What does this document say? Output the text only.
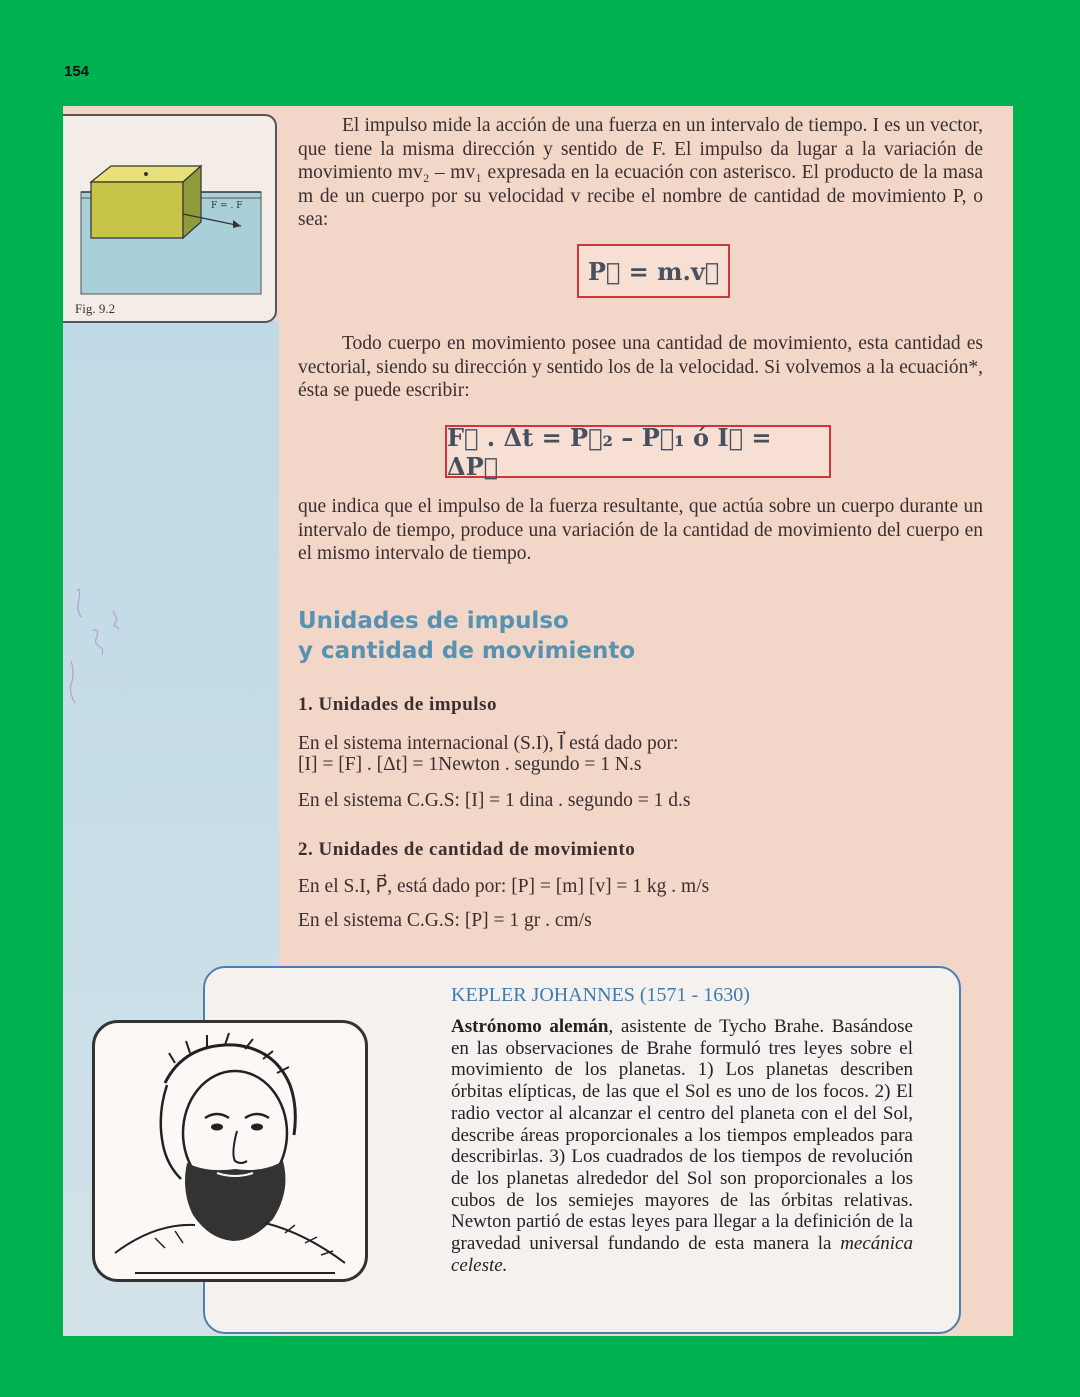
154
F = . F
Fig. 9.2
El impulso mide la acción de una fuerza en un intervalo de tiempo. I es un vector, que tiene la misma dirección y sentido de F. El impulso da lugar a la variación de movimiento mv₂ – mv₁ expresada en la ecuación con asterisco. El producto de la masa m de un cuerpo por su velocidad v recibe el nombre de cantidad de movimiento P, o sea:
P⃗ = m.v⃗
Todo cuerpo en movimiento posee una cantidad de movimiento, esta cantidad es vectorial, siendo su dirección y sentido los de la velocidad. Si volvemos a la ecuación*, ésta se puede escribir:
F⃗ . Δt = P⃗₂ – P⃗₁ ó I⃗ = ΔP⃗
que indica que el impulso de la fuerza resultante, que actúa sobre un cuerpo durante un intervalo de tiempo, produce una variación de la cantidad de movimiento del cuerpo en el mismo intervalo de tiempo.
Unidades de impulso
y cantidad de movimiento
1. Unidades de impulso
En el sistema internacional (S.I), I⃗ está dado por:
[I] = [F] . [Δt] = 1Newton . segundo = 1 N.s
En el sistema C.G.S: [I] = 1 dina . segundo = 1 d.s
2. Unidades de cantidad de movimiento
En el S.I, P⃗, está dado por: [P] = [m] [v] = 1 kg . m/s
En el sistema C.G.S: [P] = 1 gr . cm/s
KEPLER JOHANNES (1571 - 1630)
Astrónomo alemán, asistente de Tycho Brahe. Basándose en las observaciones de Brahe formuló tres leyes sobre el movimiento de los planetas. 1) Los planetas describen órbitas elípticas, de las que el Sol es uno de los focos. 2) El radio vector al alcanzar el centro del planeta con el del Sol, describe áreas proporcionales a los tiempos empleados para describirlas. 3) Los cuadrados de los tiempos de revolución de los planetas alrededor del Sol son proporcionales a los cubos de los semiejes mayores de las órbitas relativas. Newton partió de estas leyes para llegar a la definición de la gravedad universal fundando de esta manera la mecánica celeste.
